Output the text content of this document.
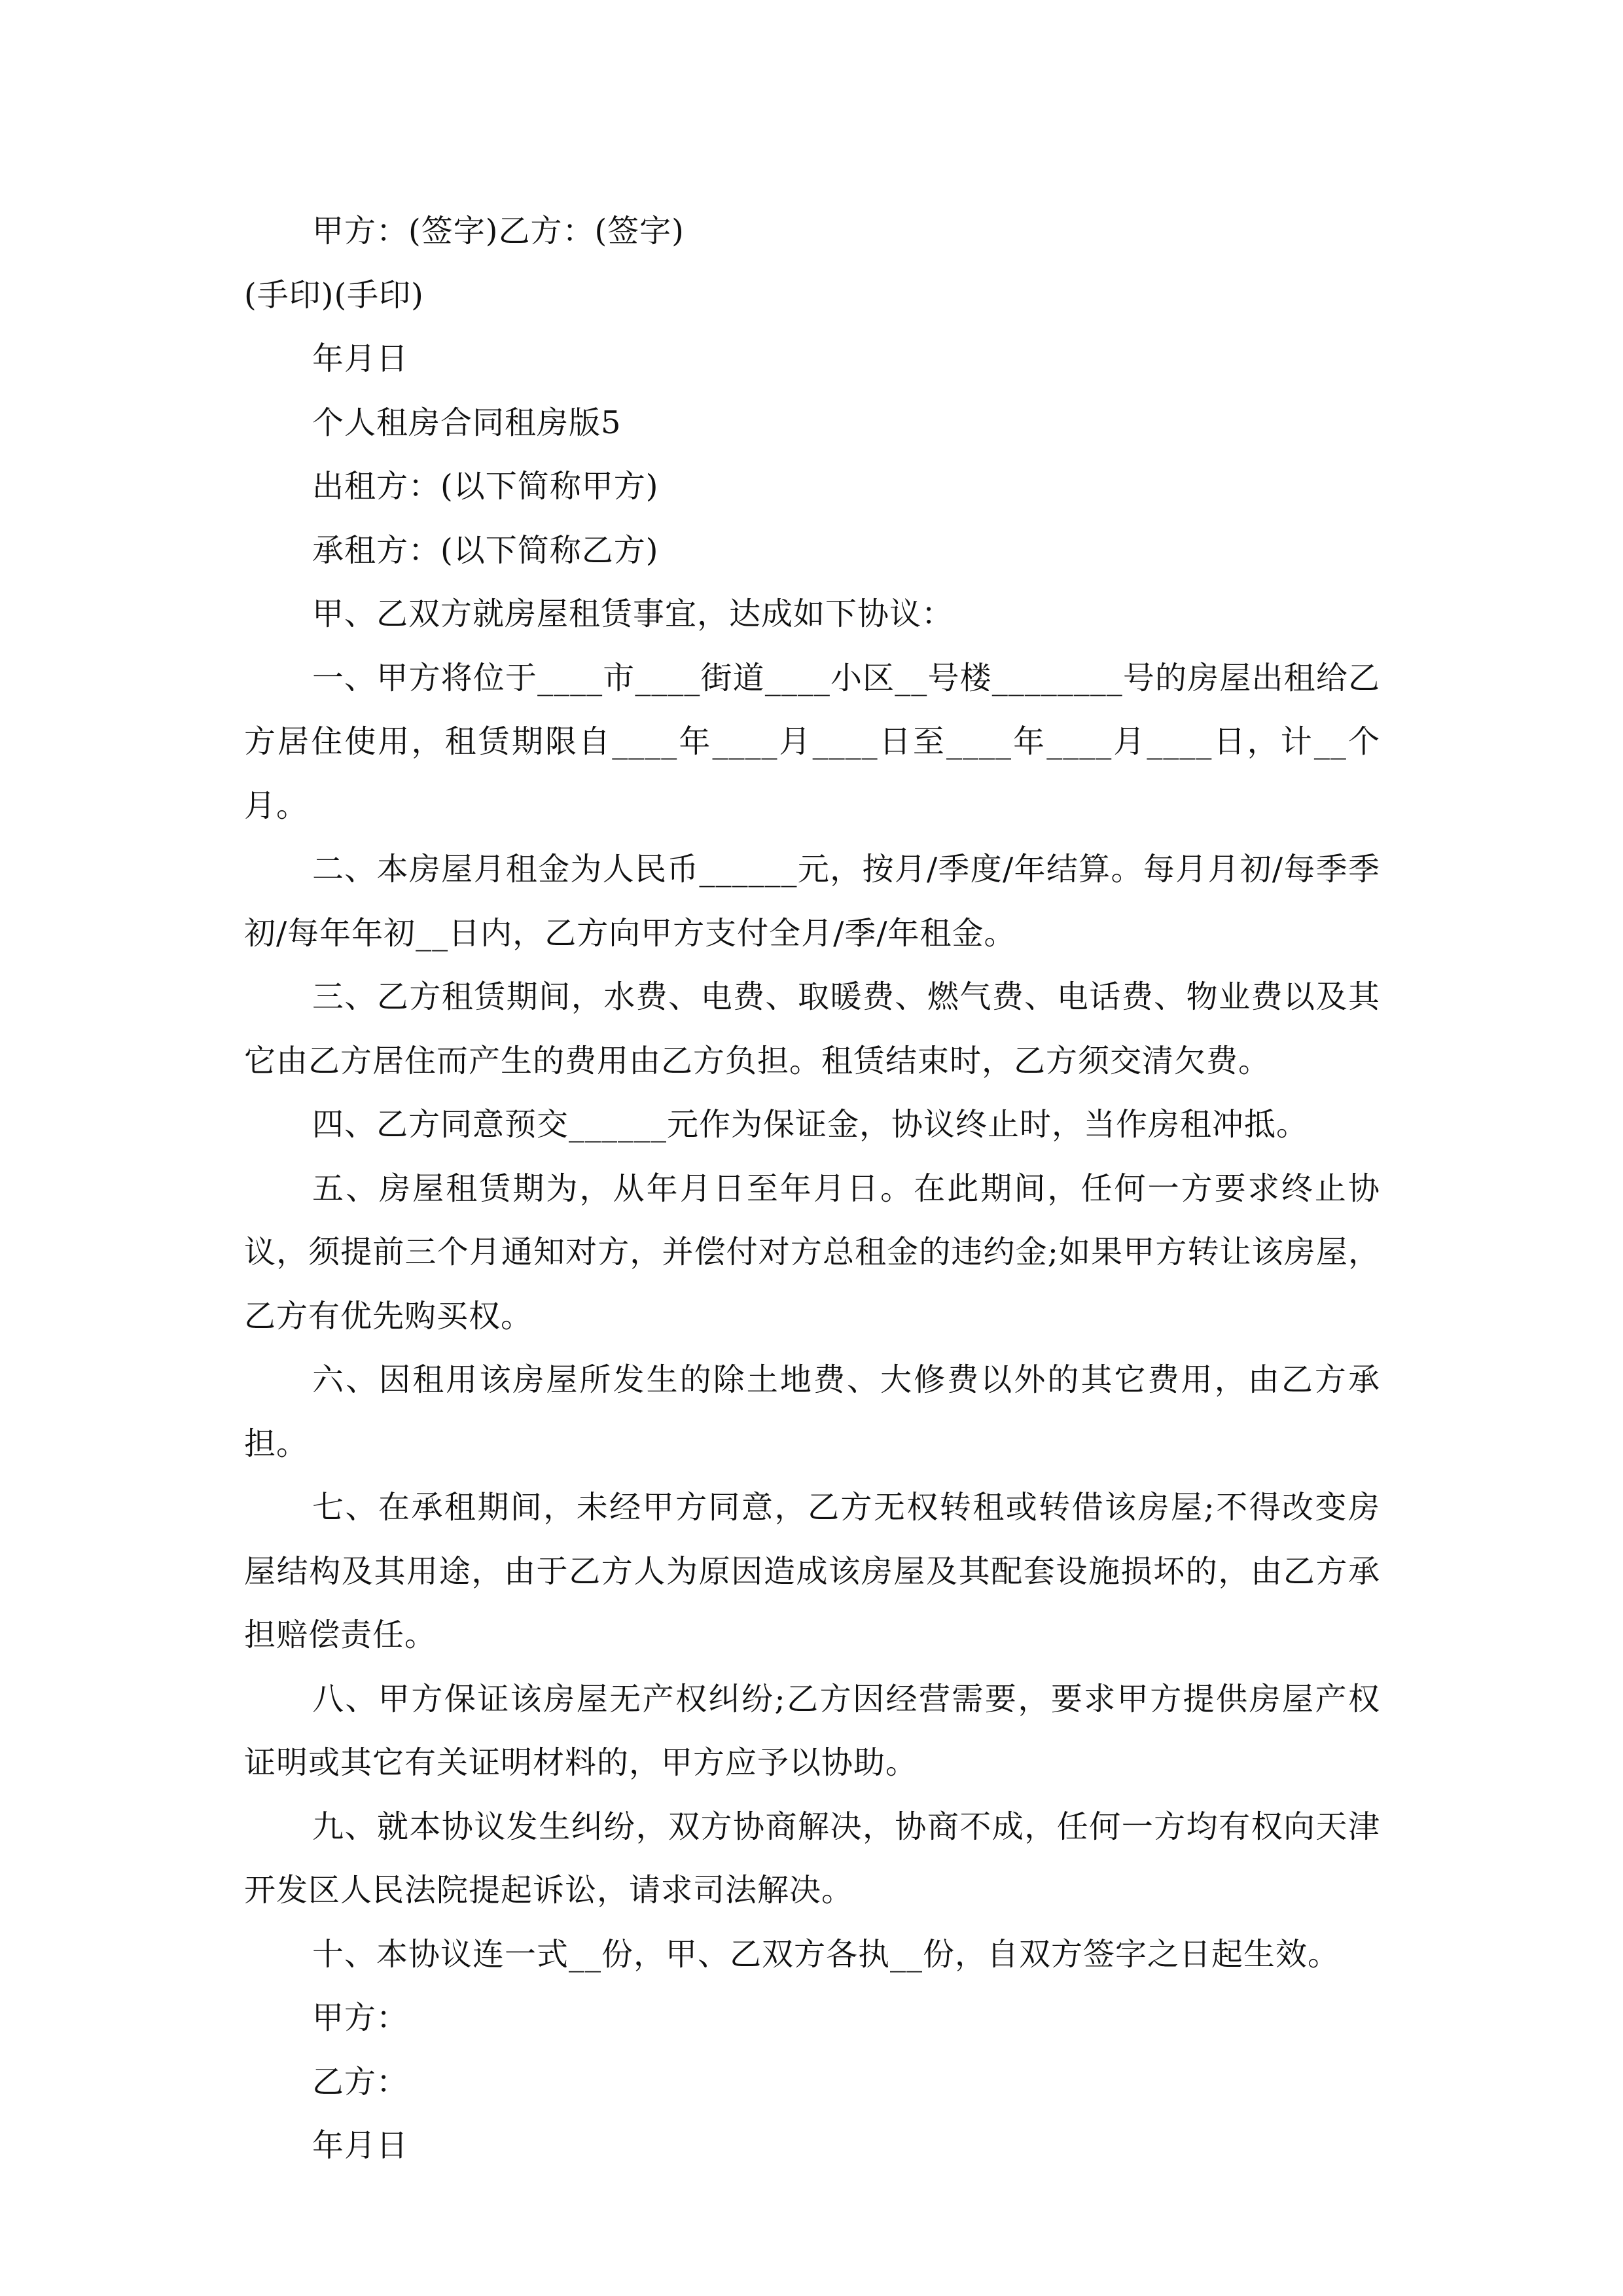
甲方：(签字)乙方：(签字)

(手印)(手印)

年月日

个人租房合同租房版5

出租方：(以下简称甲方)

承租方：(以下简称乙方)

甲、乙双方就房屋租赁事宜，达成如下协议：

一、甲方将位于____市____街道____小区__号楼________号的房屋出租给乙方居住使用，租赁期限自____年____月____日至____年____月____日，计__个月。

二、本房屋月租金为人民币______元，按月/季度/年结算。每月月初/每季季初/每年年初__日内，乙方向甲方支付全月/季/年租金。

三、乙方租赁期间，水费、电费、取暖费、燃气费、电话费、物业费以及其它由乙方居住而产生的费用由乙方负担。租赁结束时，乙方须交清欠费。

四、乙方同意预交______元作为保证金，协议终止时，当作房租冲抵。

五、房屋租赁期为，从年月日至年月日。在此期间，任何一方要求终止协议，须提前三个月通知对方，并偿付对方总租金的违约金;如果甲方转让该房屋，乙方有优先购买权。

六、因租用该房屋所发生的除土地费、大修费以外的其它费用，由乙方承担。

七、在承租期间，未经甲方同意，乙方无权转租或转借该房屋;不得改变房屋结构及其用途，由于乙方人为原因造成该房屋及其配套设施损坏的，由乙方承担赔偿责任。

八、甲方保证该房屋无产权纠纷;乙方因经营需要，要求甲方提供房屋产权证明或其它有关证明材料的，甲方应予以协助。

九、就本协议发生纠纷，双方协商解决，协商不成，任何一方均有权向天津开发区人民法院提起诉讼，请求司法解决。

十、本协议连一式__份，甲、乙双方各执__份，自双方签字之日起生效。

甲方：

乙方：

年月日
